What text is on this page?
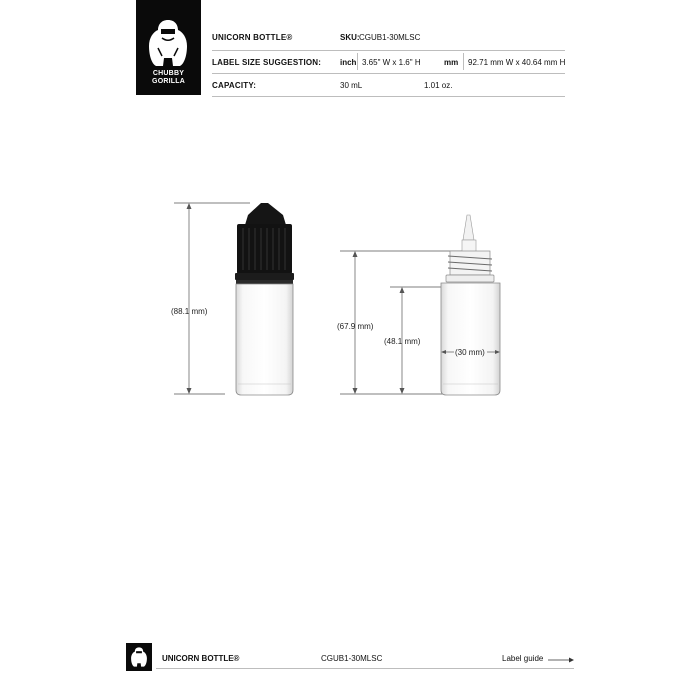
CHUBBY
GORILLA
UNICORN BOTTLE®	SKU: CGUB1-30MLSC
LABEL SIZE SUGGESTION: inch 3.65" W x 1.6" H	mm 92.71 mm W x 40.64 mm H
CAPACITY:	30 mL	1.01 oz.
(88.1 mm)
(67.9 mm)
(48.1 mm)
(30 mm)
UNICORN BOTTLE®	CGUB1-30MLSC	Label guide
